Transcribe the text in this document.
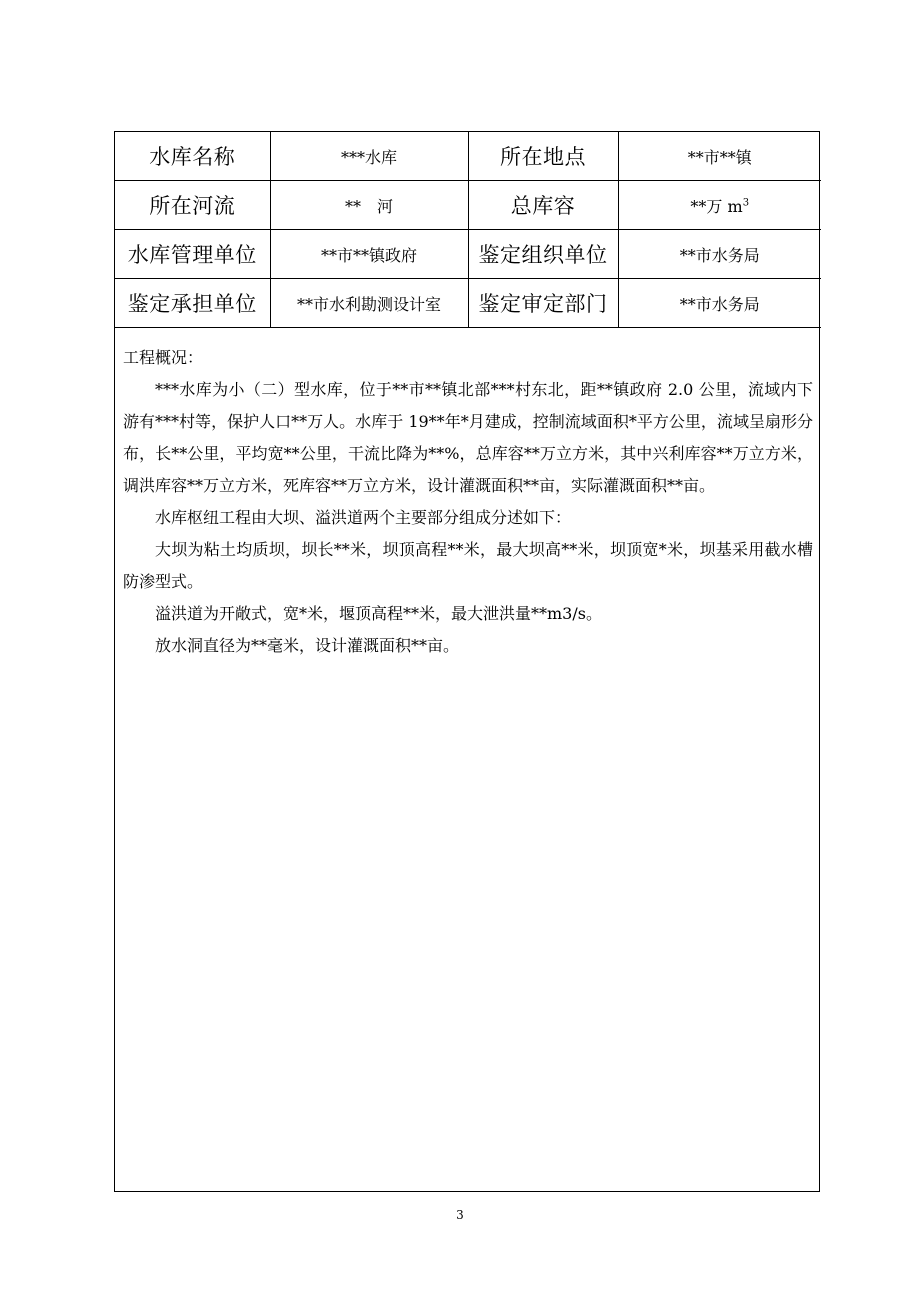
水库名称	***水库	所在地点	**市**镇
所在河流	**　河	总库容	**万 $m^3$
水库管理单位	**市**镇政府	鉴定组织单位	**市水务局
鉴定承担单位	**市水利勘测设计室	鉴定审定部门	**市水务局
工程概况：

***水库为小（二）型水库，位于**市**镇北部***村东北，距**镇政府 2.0 公里，流域内下游有***村等，保护人口**万人。水库于 19**年*月建成，控制流域面积*平方公里，流域呈扇形分布，长**公里，平均宽**公里，干流比降为**%，总库容**万立方米，其中兴利库容**万立方米，调洪库容**万立方米，死库容**万立方米，设计灌溉面积**亩，实际灌溉面积**亩。

水库枢纽工程由大坝、溢洪道两个主要部分组成分述如下：

大坝为粘土均质坝，坝长**米，坝顶高程**米，最大坝高**米，坝顶宽*米，坝基采用截水槽防渗型式。

溢洪道为开敞式，宽*米，堰顶高程**米，最大泄洪量**m3/s。

放水洞直径为**毫米，设计灌溉面积**亩。

3
